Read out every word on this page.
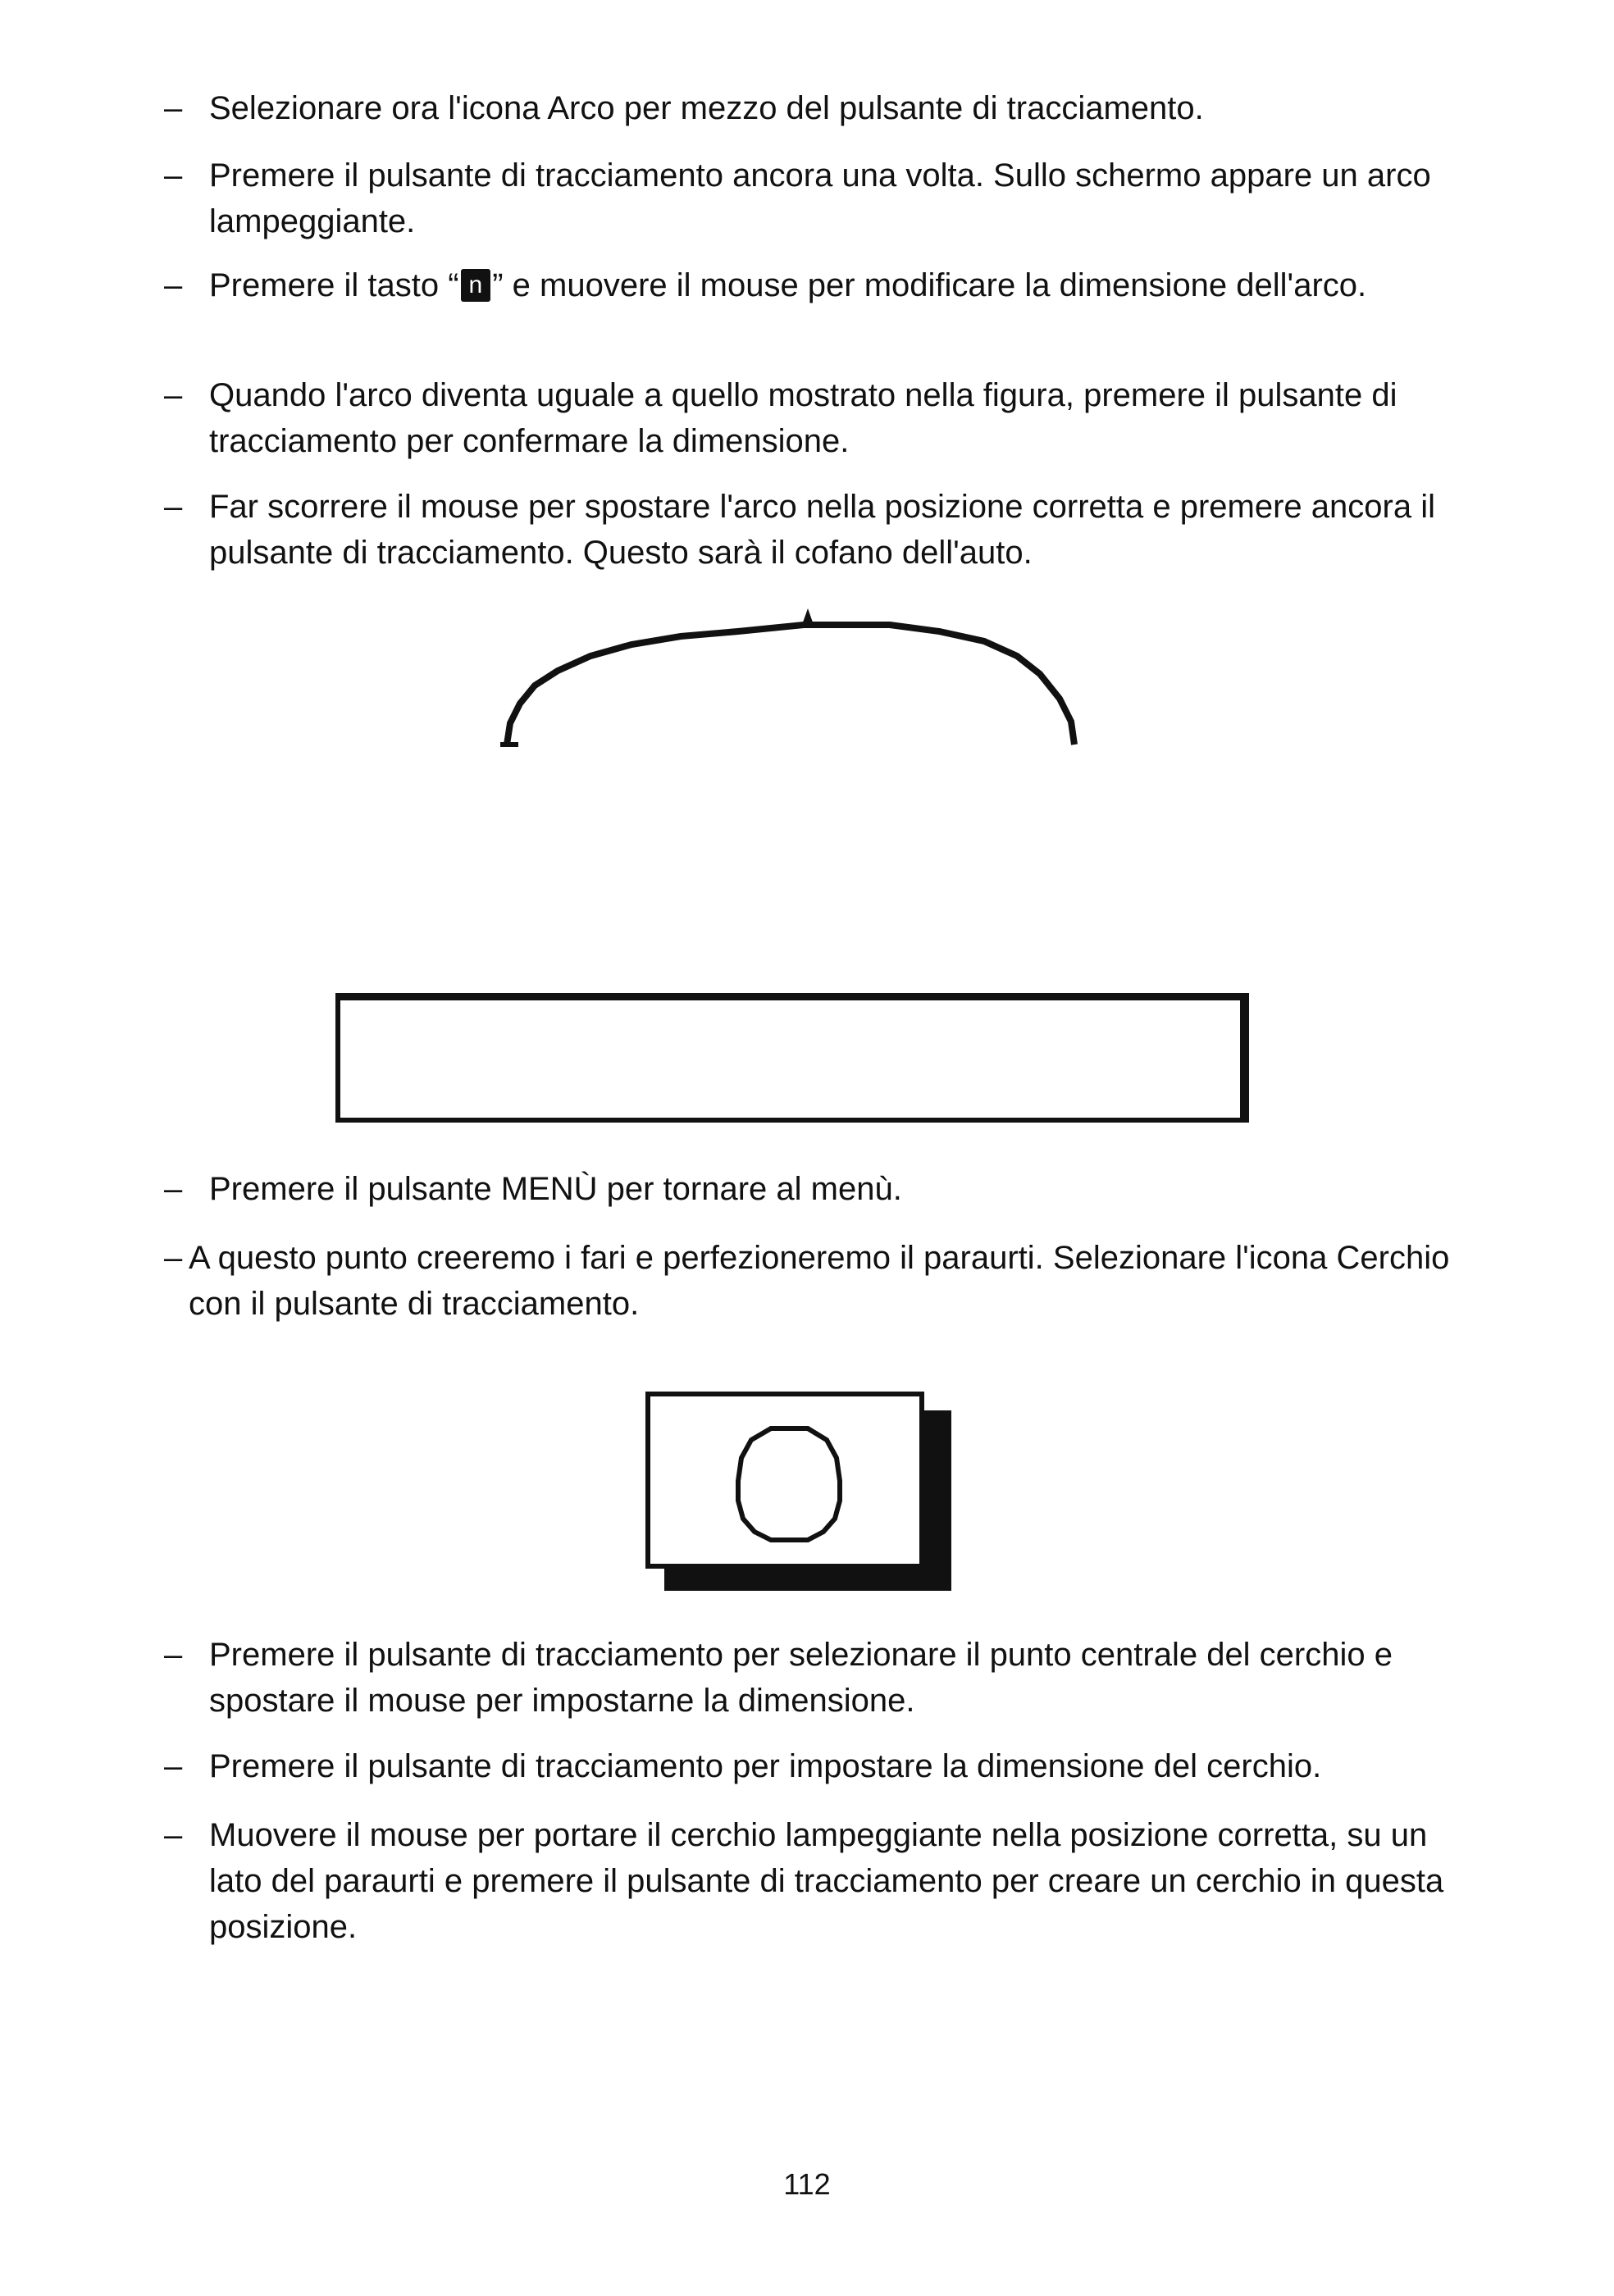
– Selezionare ora l'icona Arco per mezzo del pulsante di tracciamento.
– Premere il pulsante di tracciamento ancora una volta. Sullo schermo appare un arco lampeggiante.
– Premere il tasto “ n ” e muovere il mouse per modificare la dimensione dell'arco.
– Quando l'arco diventa uguale a quello mostrato nella figura, premere il pulsante di tracciamento per confermare la dimensione.
– Far scorrere il mouse per spostare l'arco nella posizione corretta e premere ancora il pulsante di tracciamento. Questo sarà il cofano dell'auto.
– Premere il pulsante MENÙ per tornare al menù.
– A questo punto creeremo i fari e perfezioneremo il paraurti. Selezionare l'icona Cerchio con il pulsante di tracciamento.
– Premere il pulsante di tracciamento per selezionare il punto centrale del cerchio e spostare il mouse per impostarne la dimensione.
– Premere il pulsante di tracciamento per impostare la dimensione del cerchio.
– Muovere il mouse per portare il cerchio lampeggiante nella posizione corretta, su un lato del paraurti e premere il pulsante di tracciamento per creare un cerchio in questa posizione.
112
